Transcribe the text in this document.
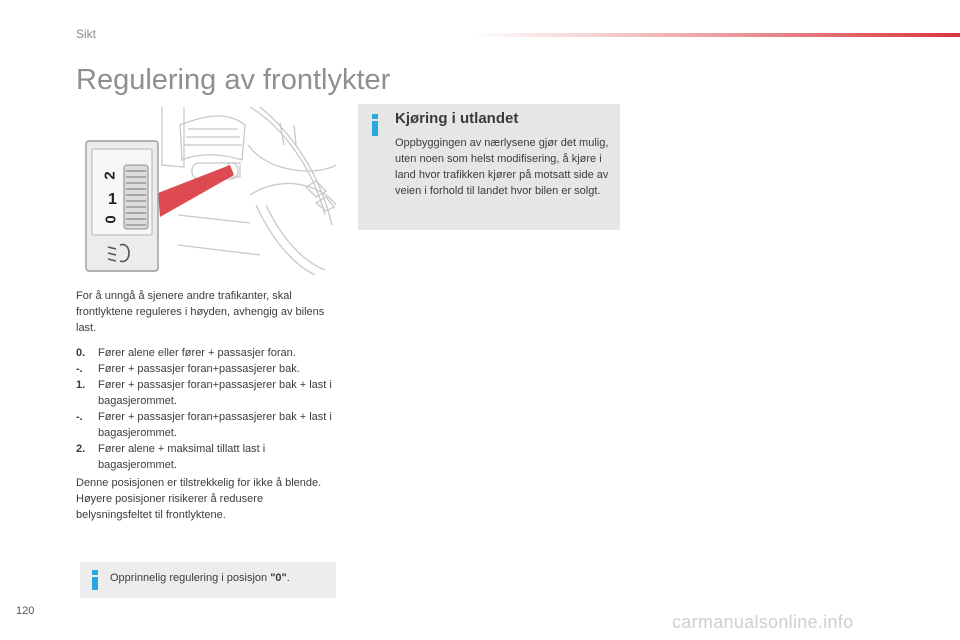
Sikt
Regulering av frontlykter
2
1
0
For å unngå å sjenere andre trafikanter, skal frontlyktene reguleres i høyden, avhengig av bilens last.
0.	Fører alene eller fører + passasjer foran.
-.	Fører + passasjer foran+passasjerer bak.
1.	Fører + passasjer foran+passasjerer bak + last i bagasjerommet.
-.	Fører + passasjer foran+passasjerer bak + last i bagasjerommet.
2.	Fører alene + maksimal tillatt last i bagasjerommet.
Denne posisjonen er tilstrekkelig for ikke å blende. Høyere posisjoner risikerer å redusere belysningsfeltet til frontlyktene.
Opprinnelig regulering i posisjon "0".
Kjøring i utlandet

Oppbyggingen av nærlysene gjør det mulig, uten noen som helst modifisering, å kjøre i land hvor trafikken kjører på motsatt side av veien i forhold til landet hvor bilen er solgt.

120
carmanualsonline.info
